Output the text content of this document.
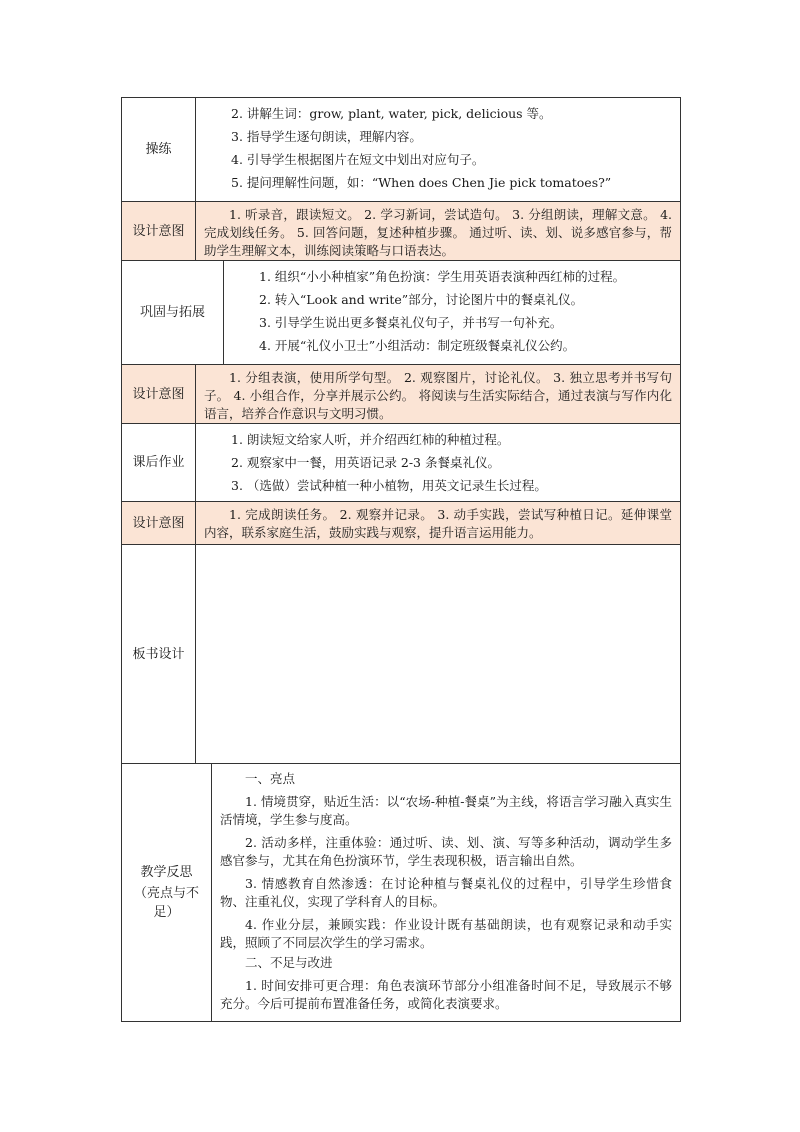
操练

2. 讲解生词：grow, plant, water, pick, delicious 等。

3. 指导学生逐句朗读，理解内容。

4. 引导学生根据图片在短文中划出对应句子。

5. 提问理解性问题，如：“When does Chen Jie pick tomatoes?”

设计意图

1. 听录音，跟读短文。 2. 学习新词，尝试造句。 3. 分组朗读，理解文意。 4. 完成划线任务。 5. 回答问题，复述种植步骤。 通过听、读、划、说多感官参与，帮助学生理解文本，训练阅读策略与口语表达。

巩固与拓展

1. 组织“小小种植家”角色扮演：学生用英语表演种西红柿的过程。

2. 转入“Look and write”部分，讨论图片中的餐桌礼仪。

3. 引导学生说出更多餐桌礼仪句子，并书写一句补充。

4. 开展“礼仪小卫士”小组活动：制定班级餐桌礼仪公约。

设计意图

1. 分组表演，使用所学句型。 2. 观察图片，讨论礼仪。 3. 独立思考并书写句子。 4. 小组合作，分享并展示公约。 将阅读与生活实际结合，通过表演与写作内化语言，培养合作意识与文明习惯。

课后作业

1. 朗读短文给家人听，并介绍西红柿的种植过程。

2. 观察家中一餐，用英语记录 2-3 条餐桌礼仪。

3. （选做）尝试种植一种小植物，用英文记录生长过程。

设计意图

1. 完成朗读任务。 2. 观察并记录。 3. 动手实践，尝试写种植日记。延伸课堂内容，联系家庭生活，鼓励实践与观察，提升语言运用能力。

板书设计
教学反思
（亮点与不足）

一、亮点

1. 情境贯穿，贴近生活：以“农场-种植-餐桌”为主线，将语言学习融入真实生活情境，学生参与度高。

2. 活动多样，注重体验：通过听、读、划、演、写等多种活动，调动学生多感官参与，尤其在角色扮演环节，学生表现积极，语言输出自然。

3. 情感教育自然渗透：在讨论种植与餐桌礼仪的过程中，引导学生珍惜食物、注重礼仪，实现了学科育人的目标。

4. 作业分层，兼顾实践：作业设计既有基础朗读，也有观察记录和动手实践，照顾了不同层次学生的学习需求。

二、不足与改进

1. 时间安排可更合理：角色表演环节部分小组准备时间不足，导致展示不够充分。今后可提前布置准备任务，或简化表演要求。
